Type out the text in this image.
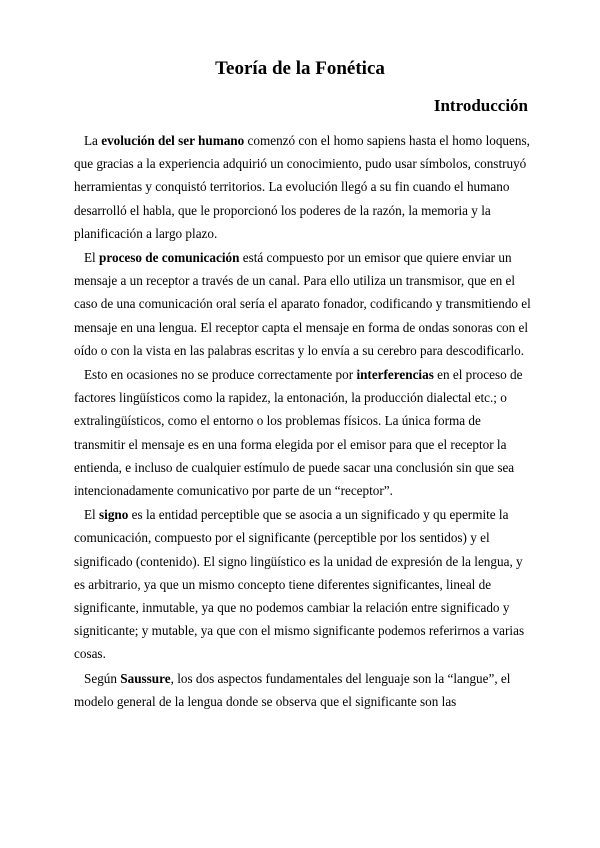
Teoría de la Fonética
Introducción

La evolución del ser humano comenzó con el homo sapiens hasta el homo loquens, que gracias a la experiencia adquirió un conocimiento, pudo usar símbolos, construyó herramientas y conquistó territorios. La evolución llegó a su fin cuando el humano desarrolló el habla, que le proporcionó los poderes de la razón, la memoria y la planificación a largo plazo.

El proceso de comunicación está compuesto por un emisor que quiere enviar un mensaje a un receptor a través de un canal. Para ello utiliza un transmisor, que en el caso de una comunicación oral sería el aparato fonador, codificando y transmitiendo el mensaje en una lengua. El receptor capta el mensaje en forma de ondas sonoras con el oído o con la vista en las palabras escritas y lo envía a su cerebro para descodificarlo.

Esto en ocasiones no se produce correctamente por interferencias en el proceso de factores lingüísticos como la rapidez, la entonación, la producción dialectal etc.; o extralingüísticos, como el entorno o los problemas físicos. La única forma de transmitir el mensaje es en una forma elegida por el emisor para que el receptor la entienda, e incluso de cualquier estímulo de puede sacar una conclusión sin que sea intencionadamente comunicativo por parte de un “receptor”.

El signo es la entidad perceptible que se asocia a un significado y qu epermite la comunicación, compuesto por el significante (perceptible por los sentidos) y el significado (contenido). El signo lingüístico es la unidad de expresión de la lengua, y es arbitrario, ya que un mismo concepto tiene diferentes significantes, lineal de significante, inmutable, ya que no podemos cambiar la relación entre significado y signiticante; y mutable, ya que con el mismo significante podemos referirnos a varias cosas.

Según Saussure, los dos aspectos fundamentales del lenguaje son la “langue”, el modelo general de la lengua donde se observa que el significante son las
